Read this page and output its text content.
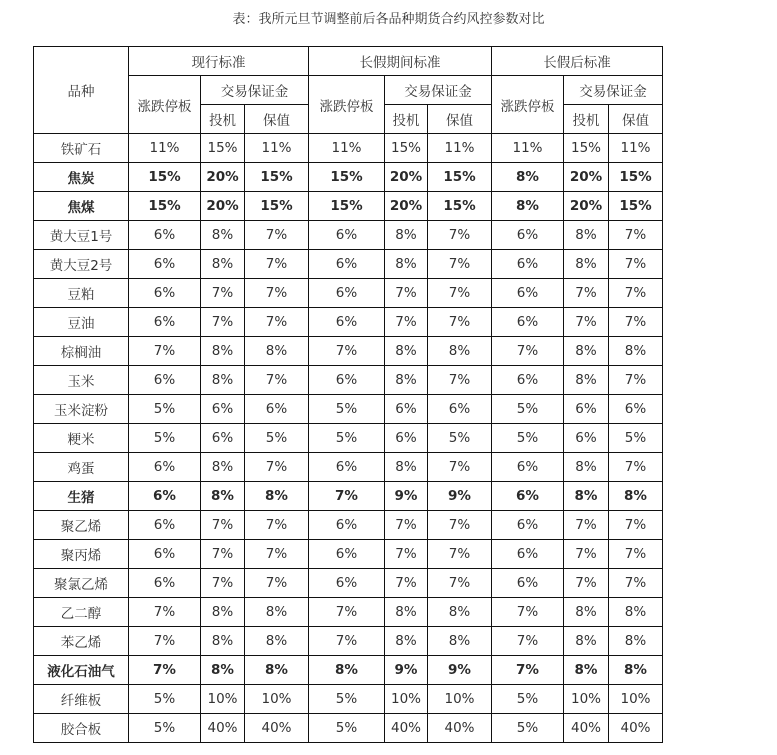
表：我所元旦节调整前后各品种期货合约风控参数对比
品种	现行标准			长假期间标准			长假后标准		
	涨跌停板	交易保证金		涨跌停板	交易保证金		涨跌停板	交易保证金	
		投机	保值		投机	保值		投机	保值
铁矿石	11%	15%	11%	11%	15%	11%	11%	15%	11%
焦炭	15%	20%	15%	15%	20%	15%	8%	20%	15%
焦煤	15%	20%	15%	15%	20%	15%	8%	20%	15%
黄大豆1号	6%	8%	7%	6%	8%	7%	6%	8%	7%
黄大豆2号	6%	8%	7%	6%	8%	7%	6%	8%	7%
豆粕	6%	7%	7%	6%	7%	7%	6%	7%	7%
豆油	6%	7%	7%	6%	7%	7%	6%	7%	7%
棕榈油	7%	8%	8%	7%	8%	8%	7%	8%	8%
玉米	6%	8%	7%	6%	8%	7%	6%	8%	7%
玉米淀粉	5%	6%	6%	5%	6%	6%	5%	6%	6%
粳米	5%	6%	5%	5%	6%	5%	5%	6%	5%
鸡蛋	6%	8%	7%	6%	8%	7%	6%	8%	7%
生猪	6%	8%	8%	7%	9%	9%	6%	8%	8%
聚乙烯	6%	7%	7%	6%	7%	7%	6%	7%	7%
聚丙烯	6%	7%	7%	6%	7%	7%	6%	7%	7%
聚氯乙烯	6%	7%	7%	6%	7%	7%	6%	7%	7%
乙二醇	7%	8%	8%	7%	8%	8%	7%	8%	8%
苯乙烯	7%	8%	8%	7%	8%	8%	7%	8%	8%
液化石油气	7%	8%	8%	8%	9%	9%	7%	8%	8%
纤维板	5%	10%	10%	5%	10%	10%	5%	10%	10%
胶合板	5%	40%	40%	5%	40%	40%	5%	40%	40%
